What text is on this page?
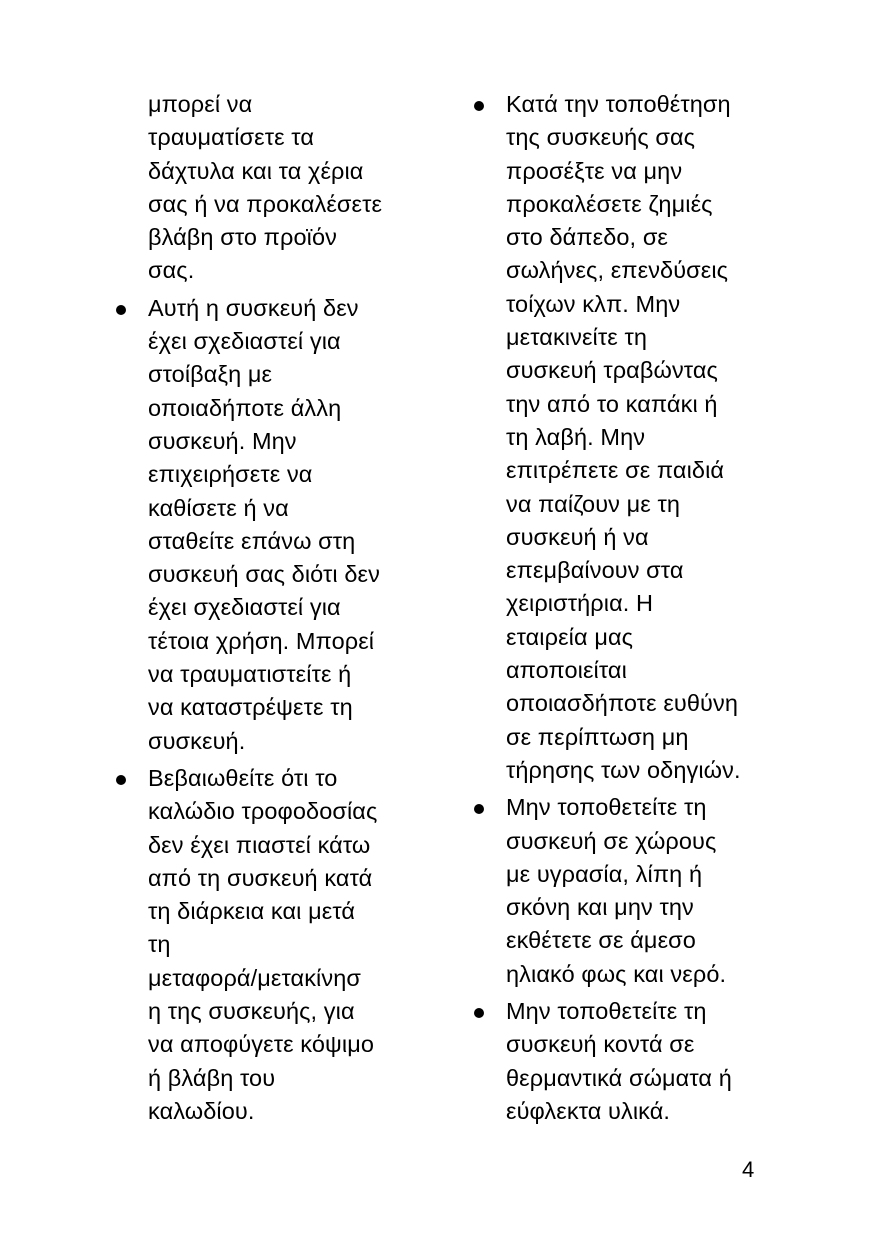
μπορεί να
τραυματίσετε τα
δάχτυλα και τα χέρια
σας ή να προκαλέσετε
βλάβη στο προϊόν
σας.
Αυτή η συσκευή δεν
έχει σχεδιαστεί για
στοίβαξη με
οποιαδήποτε άλλη
συσκευή. Μην
επιχειρήσετε να
καθίσετε ή να
σταθείτε επάνω στη
συσκευή σας διότι δεν
έχει σχεδιαστεί για
τέτοια χρήση. Μπορεί
να τραυματιστείτε ή
να καταστρέψετε τη
συσκευή.
Βεβαιωθείτε ότι το
καλώδιο τροφοδοσίας
δεν έχει πιαστεί κάτω
από τη συσκευή κατά
τη διάρκεια και μετά
τη
μεταφορά/μετακίνησ
η της συσκευής, για
να αποφύγετε κόψιμο
ή βλάβη του
καλωδίου.
Κατά την τοποθέτηση
της συσκευής σας
προσέξτε να μην
προκαλέσετε ζημιές
στο δάπεδο, σε
σωλήνες, επενδύσεις
τοίχων κλπ. Μην
μετακινείτε τη
συσκευή τραβώντας
την από το καπάκι ή
τη λαβή. Μην
επιτρέπετε σε παιδιά
να παίζουν με τη
συσκευή ή να
επεμβαίνουν στα
χειριστήρια. Η
εταιρεία μας
αποποιείται
οποιασδήποτε ευθύνη
σε περίπτωση μη
τήρησης των οδηγιών.
Μην τοποθετείτε τη
συσκευή σε χώρους
με υγρασία, λίπη ή
σκόνη και μην την
εκθέτετε σε άμεσο
ηλιακό φως και νερό.
Μην τοποθετείτε τη
συσκευή κοντά σε
θερμαντικά σώματα ή
εύφλεκτα υλικά.
4
